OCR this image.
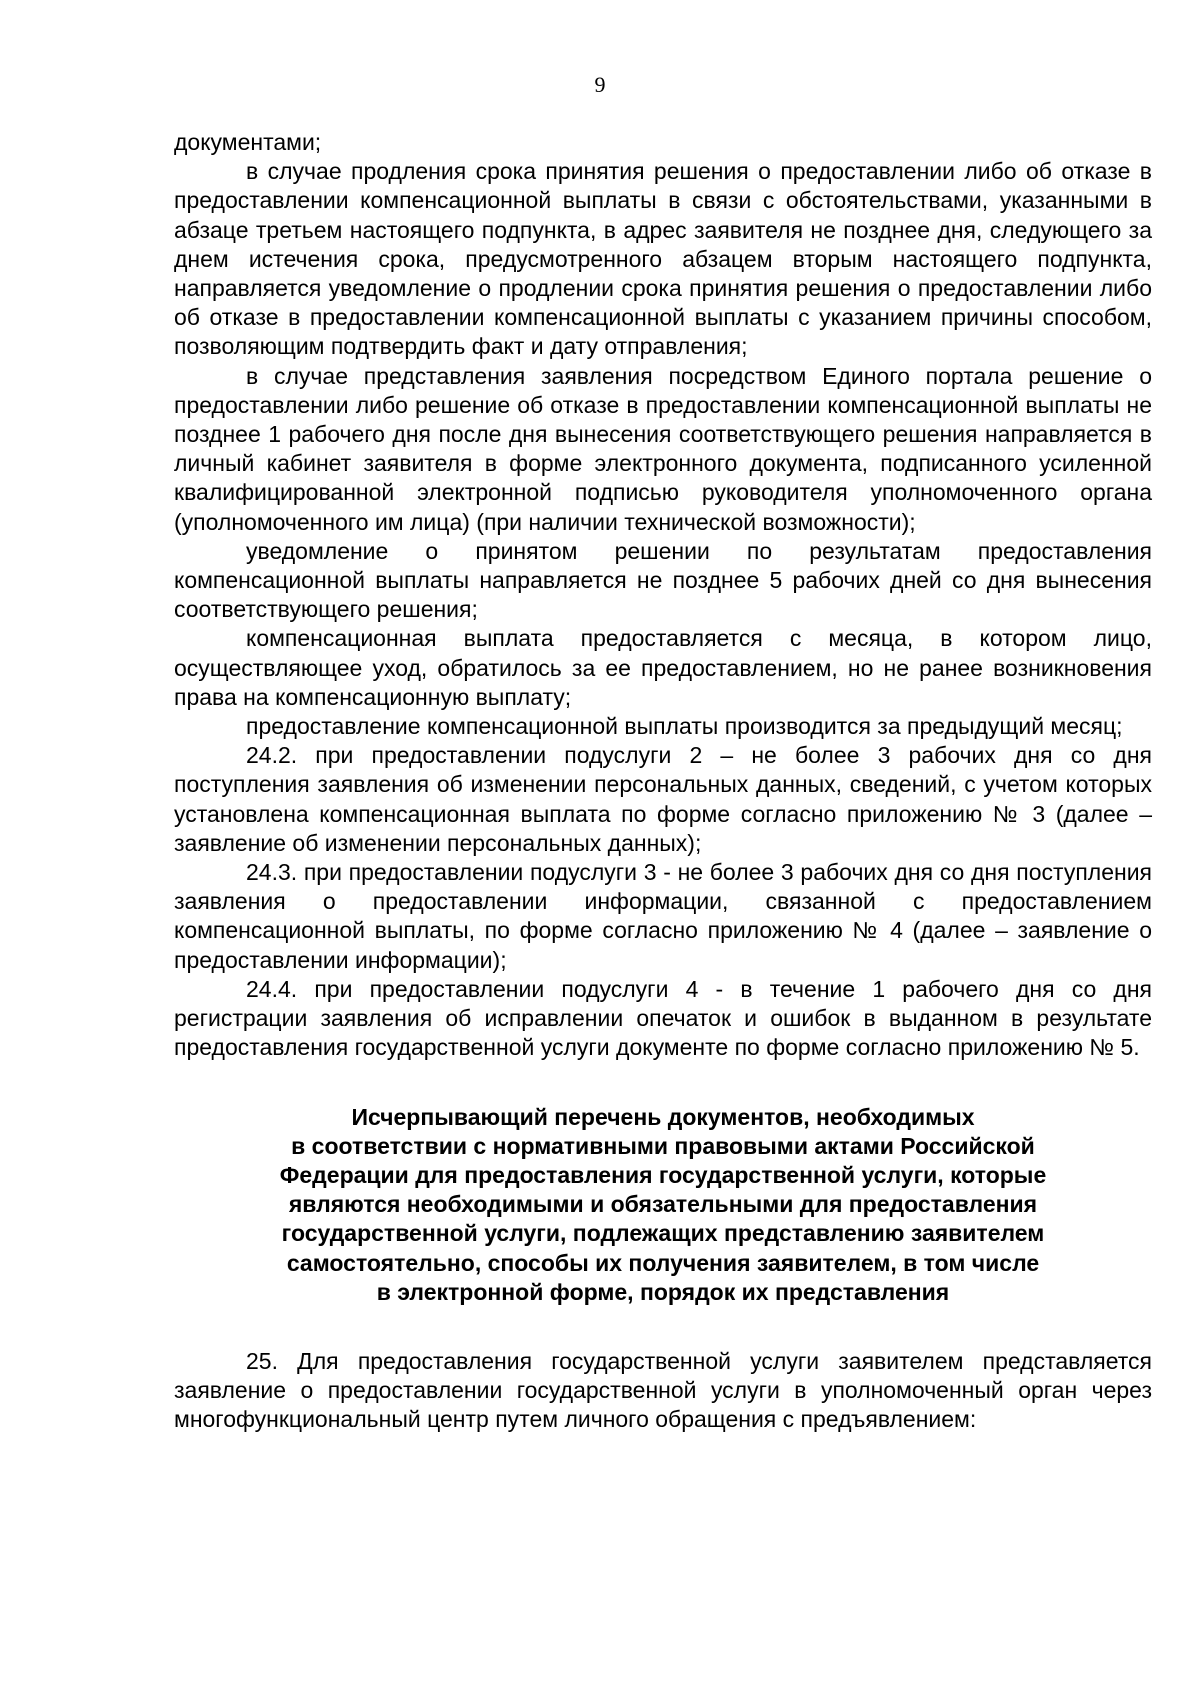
9

документами;

в случае продления срока принятия решения о предоставлении либо об отказе в предоставлении компенсационной выплаты в связи с обстоятельствами, указанными в абзаце третьем настоящего подпункта, в адрес заявителя не позднее дня, следующего за днем истечения срока, предусмотренного абзацем вторым настоящего подпункта, направляется уведомление о продлении срока принятия решения о предоставлении либо об отказе в предоставлении компенсационной выплаты с указанием причины способом, позволяющим подтвердить факт и дату отправления;

в случае представления заявления посредством Единого портала решение о предоставлении либо решение об отказе в предоставлении компенсационной выплаты не позднее 1 рабочего дня после дня вынесения соответствующего решения направляется в личный кабинет заявителя в форме электронного документа, подписанного усиленной квалифицированной электронной подписью руководителя уполномоченного органа (уполномоченного им лица) (при наличии технической возможности);

уведомление о принятом решении по результатам предоставления компенсационной выплаты направляется не позднее 5 рабочих дней со дня вынесения соответствующего решения;

компенсационная выплата предоставляется с месяца, в котором лицо, осуществляющее уход, обратилось за ее предоставлением, но не ранее возникновения права на компенсационную выплату;

предоставление компенсационной выплаты производится за предыдущий месяц;

24.2. при предоставлении подуслуги 2 – не более 3 рабочих дня со дня поступления заявления об изменении персональных данных, сведений, с учетом которых установлена компенсационная выплата по форме согласно приложению № 3 (далее – заявление об изменении персональных данных);

24.3. при предоставлении подуслуги 3 - не более 3 рабочих дня со дня поступления заявления о предоставлении информации, связанной с предоставлением компенсационной выплаты, по форме согласно приложению № 4 (далее – заявление о предоставлении информации);

24.4. при предоставлении подуслуги 4 - в течение 1 рабочего дня со дня регистрации заявления об исправлении опечаток и ошибок в выданном в результате предоставления государственной услуги документе по форме согласно приложению № 5.

Исчерпывающий перечень документов, необходимых
в соответствии с нормативными правовыми актами Российской
Федерации для предоставления государственной услуги, которые
являются необходимыми и обязательными для предоставления
государственной услуги, подлежащих представлению заявителем
самостоятельно, способы их получения заявителем, в том числе
в электронной форме, порядок их представления

25. Для предоставления государственной услуги заявителем представляется заявление о предоставлении государственной услуги в уполномоченный орган через многофункциональный центр путем личного обращения с предъявлением:
